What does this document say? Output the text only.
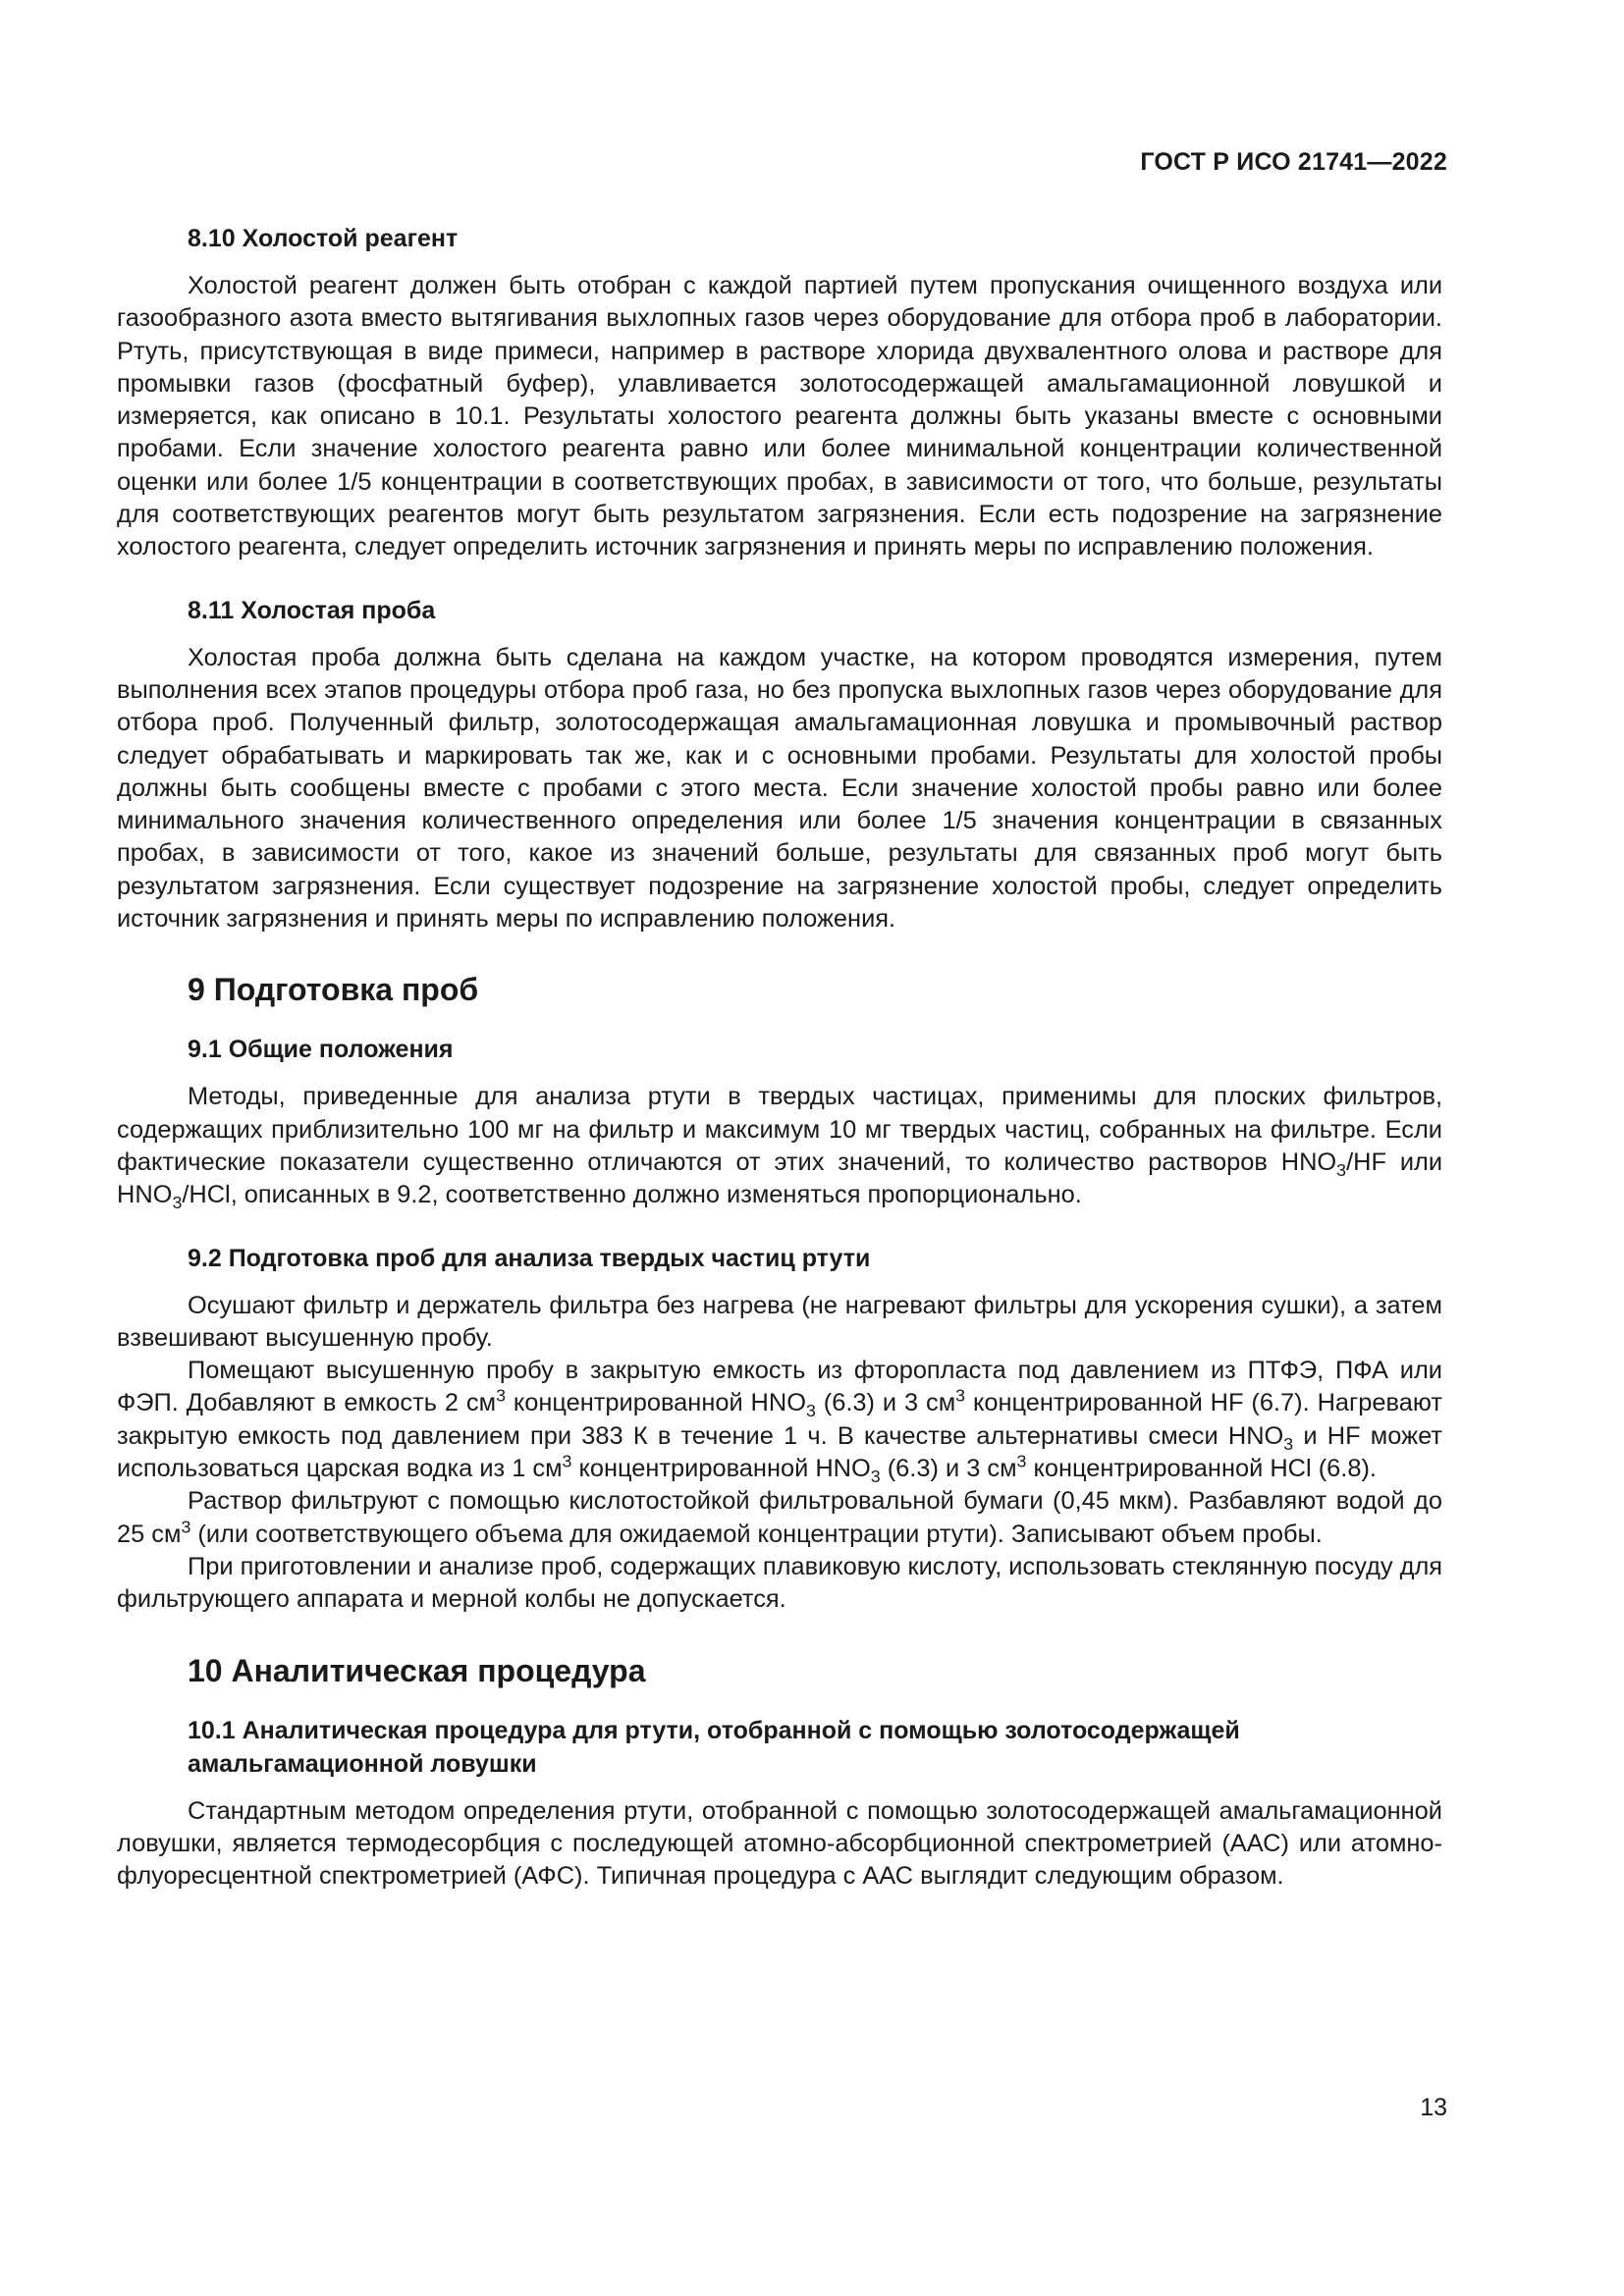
ГОСТ Р ИСО 21741—2022
8.10 Холостой реагент

Холостой реагент должен быть отобран с каждой партией путем пропускания очищенного воздуха или газообразного азота вместо вытягивания выхлопных газов через оборудование для отбора проб в лаборатории. Ртуть, присутствующая в виде примеси, например в растворе хлорида двухвалентного олова и растворе для промывки газов (фосфатный буфер), улавливается золотосодержащей амальгамационной ловушкой и измеряется, как описано в 10.1. Результаты холостого реагента должны быть указаны вместе с основными пробами. Если значение холостого реагента равно или более минимальной концентрации количественной оценки или более 1/5 концентрации в соответствующих пробах, в зависимости от того, что больше, результаты для соответствующих реагентов могут быть результатом загрязнения. Если есть подозрение на загрязнение холостого реагента, следует определить источник загрязнения и принять меры по исправлению положения.

8.11 Холостая проба

Холостая проба должна быть сделана на каждом участке, на котором проводятся измерения, путем выполнения всех этапов процедуры отбора проб газа, но без пропуска выхлопных газов через оборудование для отбора проб. Полученный фильтр, золотосодержащая амальгамационная ловушка и промывочный раствор следует обрабатывать и маркировать так же, как и с основными пробами. Результаты для холостой пробы должны быть сообщены вместе с пробами с этого места. Если значение холостой пробы равно или более минимального значения количественного определения или более 1/5 значения концентрации в связанных пробах, в зависимости от того, какое из значений больше, результаты для связанных проб могут быть результатом загрязнения. Если существует подозрение на загрязнение холостой пробы, следует определить источник загрязнения и принять меры по исправлению положения.

9 Подготовка проб
9.1 Общие положения

Методы, приведенные для анализа ртути в твердых частицах, применимы для плоских фильтров, содержащих приблизительно 100 мг на фильтр и максимум 10 мг твердых частиц, собранных на фильтре. Если фактические показатели существенно отличаются от этих значений, то количество растворов $HNO_3/HF$ или $HNO_3$/HCl, описанных в 9.2, соответственно должно изменяться пропорционально.

9.2 Подготовка проб для анализа твердых частиц ртути

Осушают фильтр и держатель фильтра без нагрева (не нагревают фильтры для ускорения сушки), а затем взвешивают высушенную пробу.

Помещают высушенную пробу в закрытую емкость из фторопласта под давлением из ПТФЭ, ПФА или ФЭП. Добавляют в емкость 2 $см^3$ концентрированной $HNO_3$ (6.3) и 3 $см^3$ концентрированной HF (6.7). Нагревают закрытую емкость под давлением при 383 К в течение 1 ч. В качестве альтернативы смеси $HNO_3$ и HF может использоваться царская водка из 1 $см^3$ концентрированной $HNO_3$ (6.3) и 3 $см^3$ концентрированной HCl (6.8).

Раствор фильтруют с помощью кислотостойкой фильтровальной бумаги (0,45 мкм). Разбавляют водой до 25 $см^3$ (или соответствующего объема для ожидаемой концентрации ртути). Записывают объем пробы.

При приготовлении и анализе проб, содержащих плавиковую кислоту, использовать стеклянную посуду для фильтрующего аппарата и мерной колбы не допускается.

10 Аналитическая процедура
10.1 Аналитическая процедура для ртути, отобранной с помощью золотосодержащей амальгамационной ловушки

Стандартным методом определения ртути, отобранной с помощью золотосодержащей амальгамационной ловушки, является термодесорбция с последующей атомно-абсорбционной спектрометрией (ААС) или атомно-флуоресцентной спектрометрией (АФС). Типичная процедура с ААС выглядит следующим образом.

13
